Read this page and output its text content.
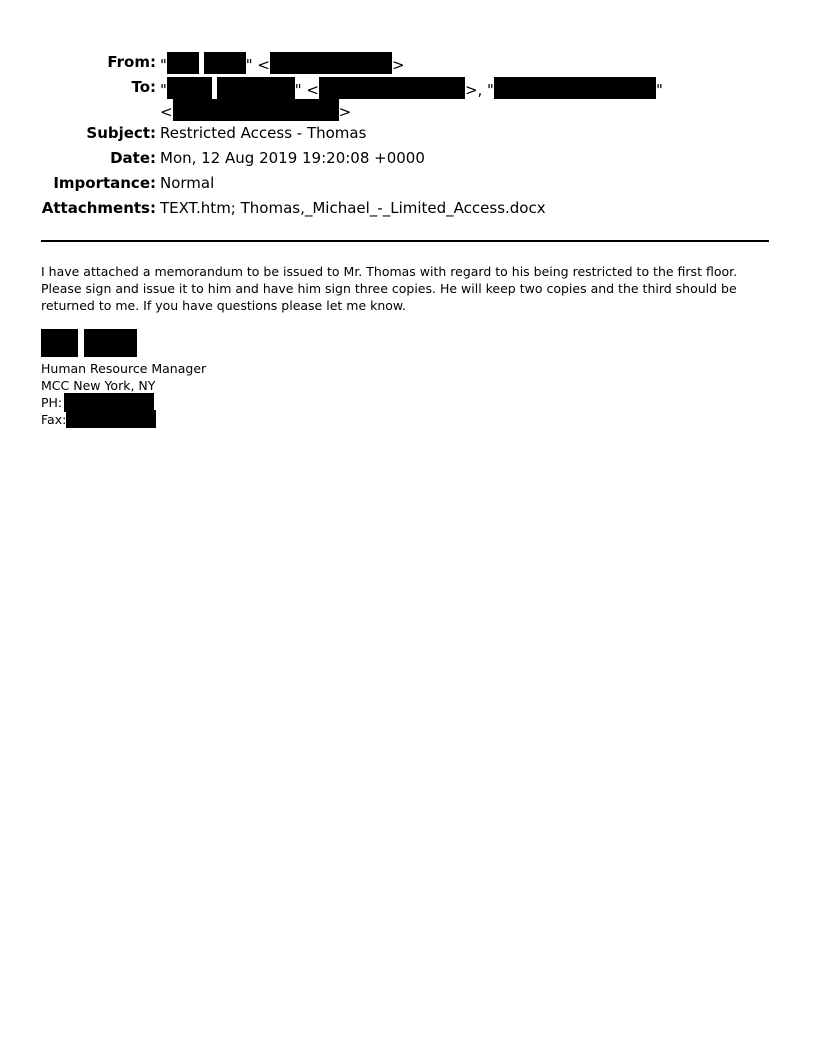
From: "	" <	>
To: "	" <	>, "	"
<	>
Subject: Restricted Access - Thomas
Date: Mon, 12 Aug 2019 19:20:08 +0000
Importance: Normal
Attachments: TEXT.htm; Thomas,_Michael_-_Limited_Access.docx
I have attached a memorandum to be issued to Mr. Thomas with regard to his being restricted to the first floor. Please sign and issue it to him and have him sign three copies. He will keep two copies and the third should be returned to me. If you have questions please let me know.
Human Resource Manager
MCC New York, NY
PH:
Fax:
